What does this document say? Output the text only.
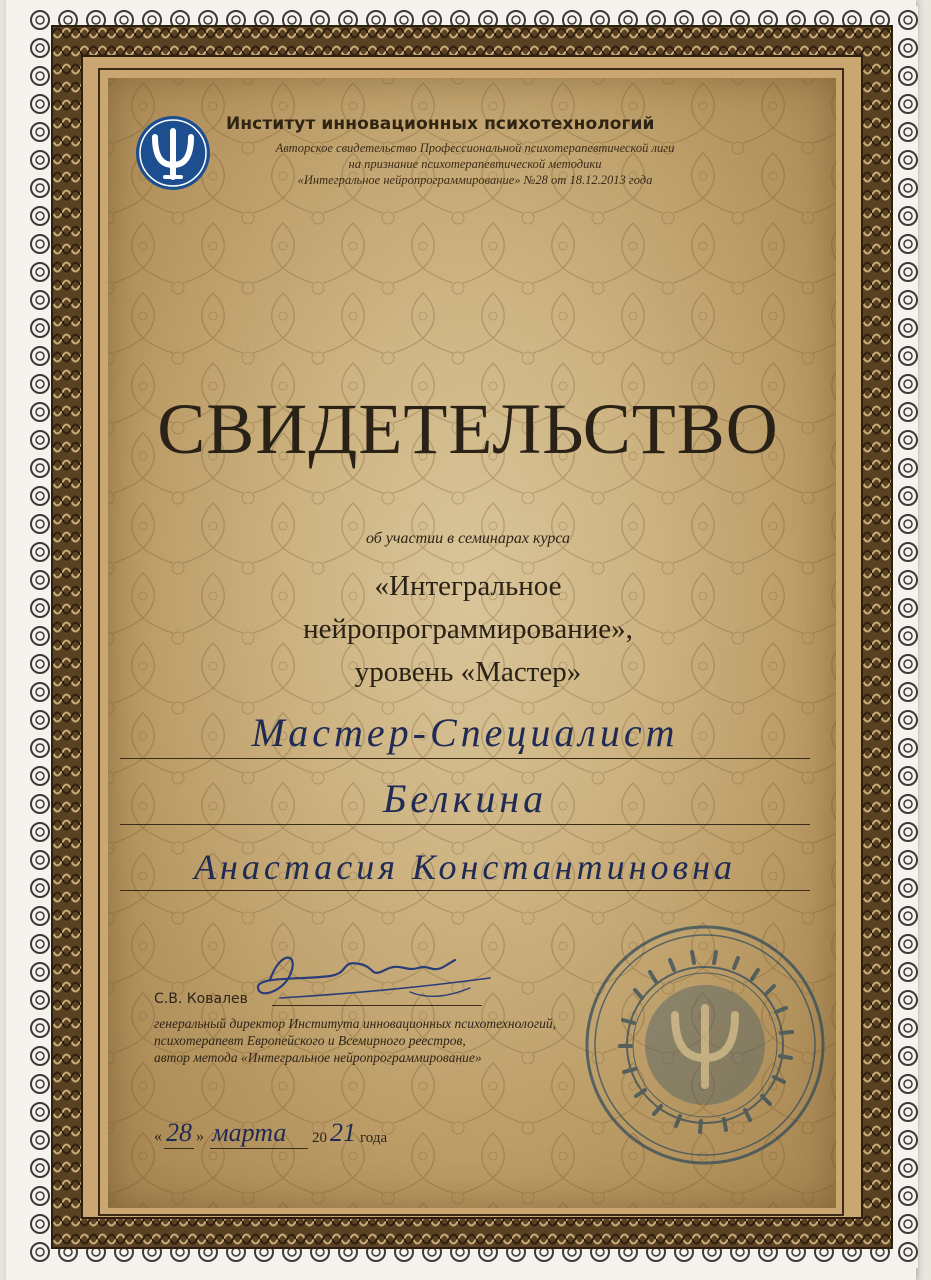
Институт инновационных психотехнологий
Авторское свидетельство Профессиональной психотерапевтической лиги
на признание психотерапевтической методики
«Интегральное нейропрограммирование» №28 от 18.12.2013 года
СВИДЕТЕЛЬСТВО
об участии в семинарах курса
«Интегральное
нейропрограммирование»,
уровень «Мастер»
Мастер-Специалист
Белкина
Анастасия Константиновна
С.В. Ковалев
генеральный директор Института инновационных психотехнологий,
психотерапевт Европейского и Всемирного реестров,
автор метода «Интегральное нейропрограммирование»
« 28 » марта 20 21 года
